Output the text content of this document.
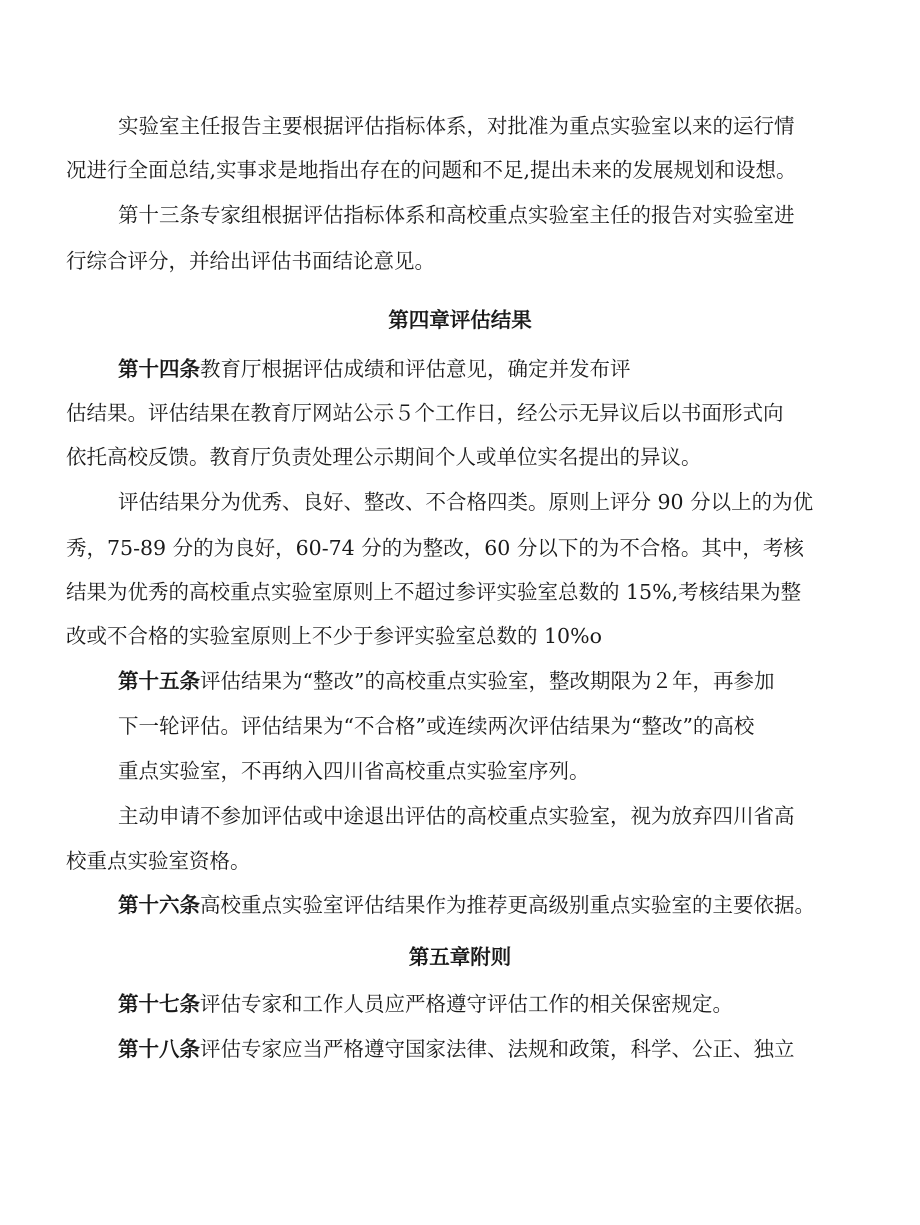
实验室主任报告主要根据评估指标体系，对批准为重点实验室以来的运行情
况进行全面总结,实事求是地指出存在的问题和不足,提出未来的发展规划和设想。
第十三条专家组根据评估指标体系和高校重点实验室主任的报告对实验室进
行综合评分，并给出评估书面结论意见。
第四章评估结果
第十四条教育厅根据评估成绩和评估意见，确定并发布评
估结果。评估结果在教育厅网站公示５个工作日，经公示无异议后以书面形式向
依托高校反馈。教育厅负责处理公示期间个人或单位实名提出的异议。
评估结果分为优秀、良好、整改、不合格四类。原则上评分 90 分以上的为优
秀，75-89 分的为良好，60-74 分的为整改，60 分以下的为不合格。其中，考核
结果为优秀的高校重点实验室原则上不超过参评实验室总数的 15%,考核结果为整
改或不合格的实验室原则上不少于参评实验室总数的 10%o
第十五条评估结果为“整改”的高校重点实验室，整改期限为２年，再参加
下一轮评估。评估结果为“不合格”或连续两次评估结果为“整改”的高校
重点实验室，不再纳入四川省高校重点实验室序列。
主动申请不参加评估或中途退出评估的高校重点实验室，视为放弃四川省高
校重点实验室资格。
第十六条高校重点实验室评估结果作为推荐更高级别重点实验室的主要依据。
第五章附则
第十七条评估专家和工作人员应严格遵守评估工作的相关保密规定。
第十八条评估专家应当严格遵守国家法律、法规和政策，科学、公正、独立
